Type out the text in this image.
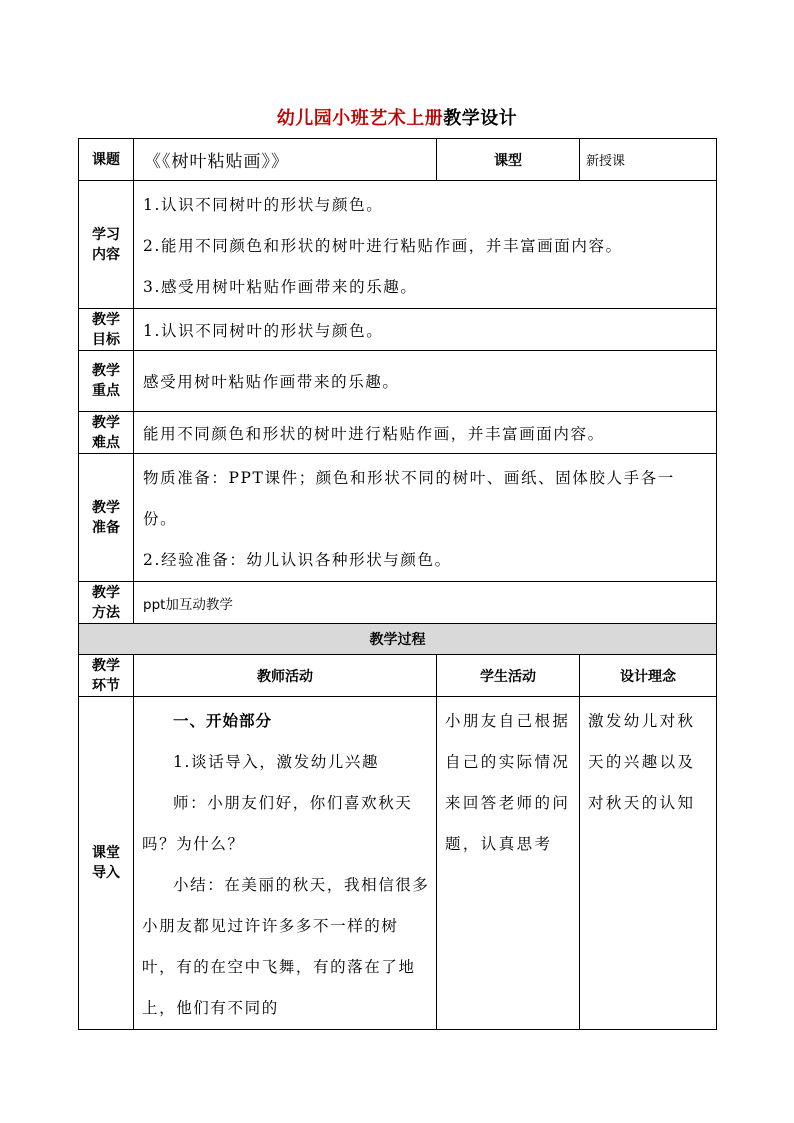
幼儿园小班艺术上册教学设计
课题	《《树叶粘贴画》》	课型	新授课
学习内容	1.认识不同树叶的形状与颜色。
2.能用不同颜色和形状的树叶进行粘贴作画，并丰富画面内容。
3.感受用树叶粘贴作画带来的乐趣。		

教学目标	1.认识不同树叶的形状与颜色。		
教学重点	感受用树叶粘贴作画带来的乐趣。		
教学难点	能用不同颜色和形状的树叶进行粘贴作画，并丰富画面内容。		
教学准备	物质准备：PPT课件；颜色和形状不同的树叶、画纸、固体胶人手各一份。
2.经验准备：幼儿认识各种形状与颜色。		

教学方法	ppt加互动教学		
教学过程			
教学环节	教师活动	学生活动	设计理念
课堂导入	一、开始部分
1.谈话导入，激发幼儿兴趣
师：小朋友们好，你们喜欢秋天吗？为什么？
小结：在美丽的秋天，我相信很多小朋友都见过许许多多不一样的树叶，有的在空中飞舞，有的落在了地上，他们有不同的	小朋友自己根据自己的实际情况来回答老师的问题，认真思考	激发幼儿对秋天的兴趣以及对秋天的认知
